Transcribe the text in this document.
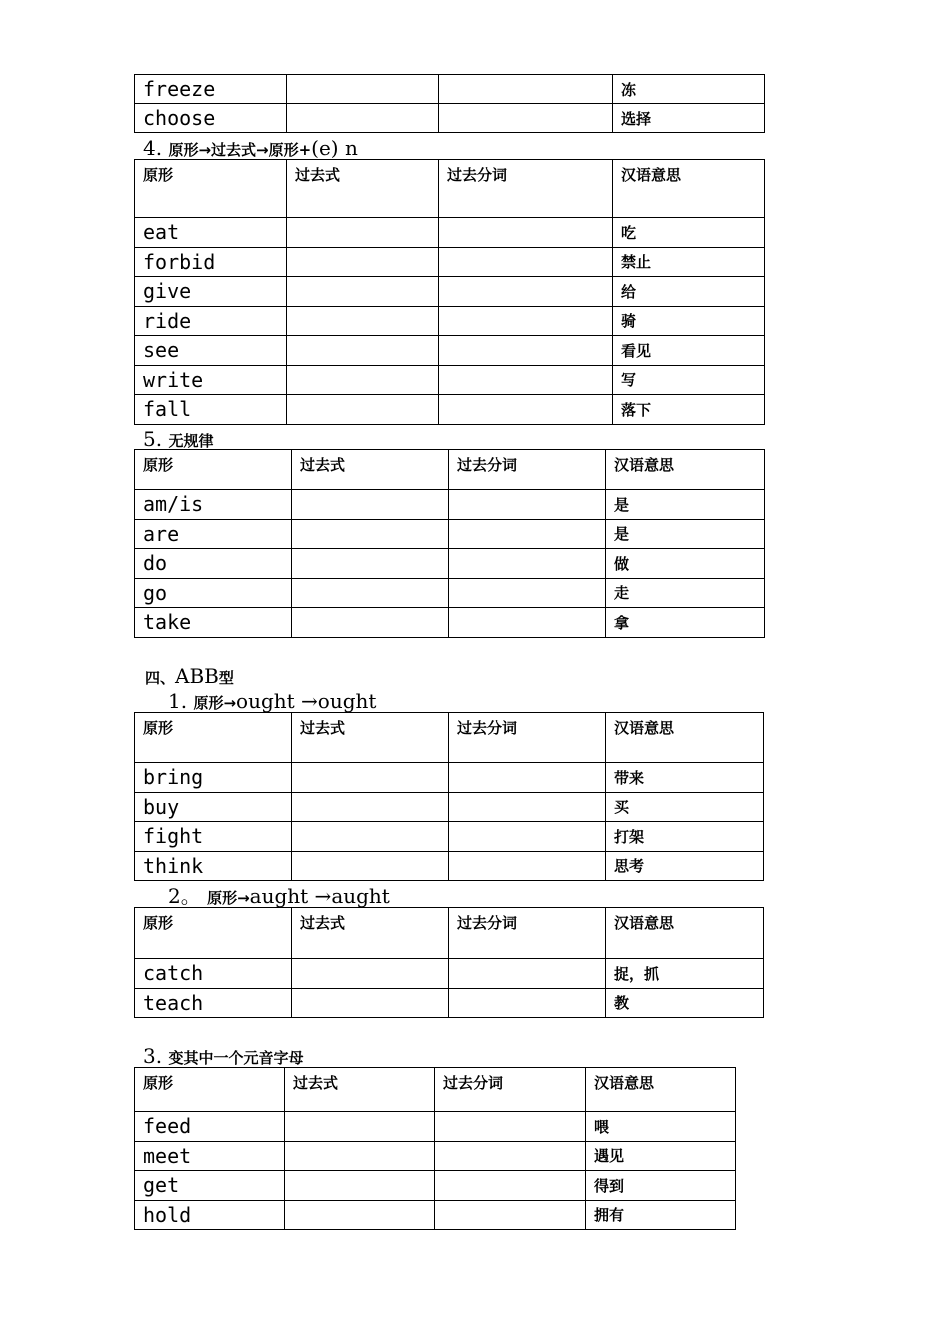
freeze			冻
choose			选择
4. 原形→过去式→原形+(e) n
原形	过去式	过去分词	汉语意思
eat			吃
forbid			禁止
give			给
ride			骑
see			看见
write			写
fall			落下
5. 无规律
原形	过去式	过去分词	汉语意思
am/is			是
are			是
do			做
go			走
take			拿
四、ABB型
1. 原形→ought →ought
原形	过去式	过去分词	汉语意思
bring			带来
buy			买
fight			打架
think			思考
2。 原形→aught →aught
原形	过去式	过去分词	汉语意思
catch			捉，抓
teach			教
3. 变其中一个元音字母
原形	过去式	过去分词	汉语意思
feed			喂
meet			遇见
get			得到
hold			拥有
